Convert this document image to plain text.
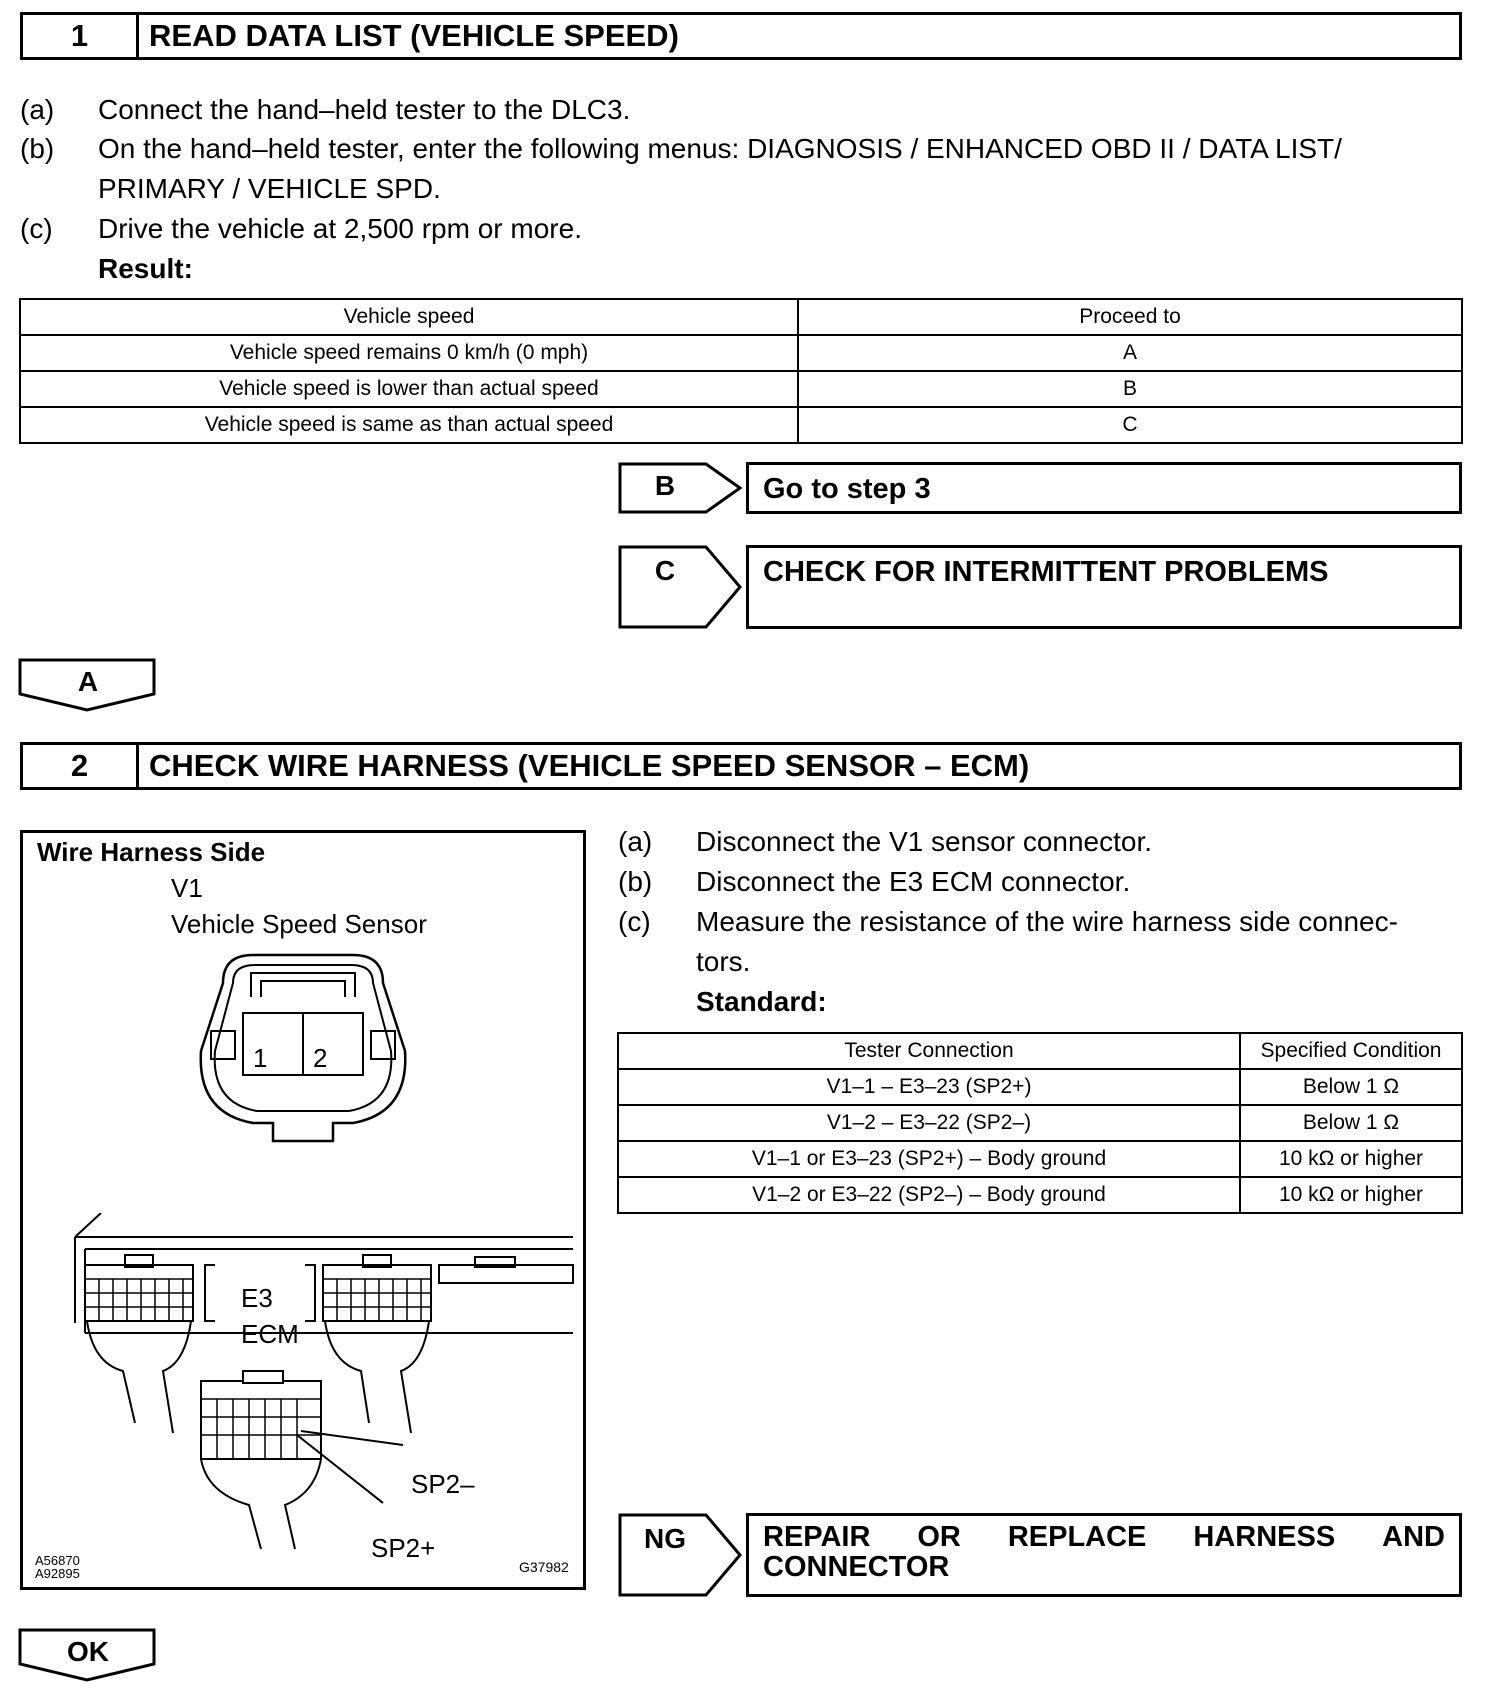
1	READ DATA LIST (VEHICLE SPEED)
(a) Connect the hand–held tester to the DLC3.
(b) On the hand–held tester, enter the following menus: DIAGNOSIS / ENHANCED OBD II / DATA LIST/
PRIMARY / VEHICLE SPD.
(c) Drive the vehicle at 2,500 rpm or more.
Result:
Vehicle speed	Proceed to
Vehicle speed remains 0 km/h (0 mph)	A
Vehicle speed is lower than actual speed	B
Vehicle speed is same as than actual speed	C
B	Go to step 3
C	CHECK FOR INTERMITTENT PROBLEMS
A
2	CHECK WIRE HARNESS (VEHICLE SPEED SENSOR – ECM)
Wire Harness Side
V1
Vehicle Speed Sensor
1 2
E3
ECM
SP2–
SP2+
A56870
A92895	G37982
(a) Disconnect the V1 sensor connector.
(b) Disconnect the E3 ECM connector.
(c) Measure the resistance of the wire harness side connec-
tors.
Standard:
Tester Connection	Specified Condition
V1–1 – E3–23 (SP2+)	Below 1 Ω
V1–2 – E3–22 (SP2–)	Below 1 Ω
V1–1 or E3–23 (SP2+) – Body ground	10 kΩ or higher
V1–2 or E3–22 (SP2–) – Body ground	10 kΩ or higher
NG	REPAIR OR REPLACE HARNESS AND
CONNECTOR
OK
